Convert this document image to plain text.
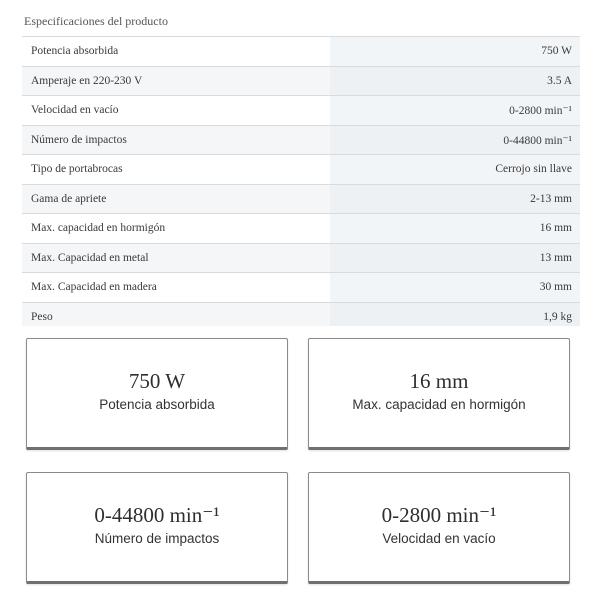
Especificaciones del producto
Potencia absorbida	750 W
Amperaje en 220-230 V	3.5 A
Velocidad en vacío	0-2800 min⁻¹
Número de impactos	0-44800 min⁻¹
Tipo de portabrocas	Cerrojo sin llave
Gama de apriete	2-13 mm
Max. capacidad en hormigón	16 mm
Max. Capacidad en metal	13 mm
Max. Capacidad en madera	30 mm
Peso	1,9 kg
750 W
Potencia absorbida
16 mm
Max. capacidad en hormigón
0-44800 min⁻¹
Número de impactos
0-2800 min⁻¹
Velocidad en vacío
